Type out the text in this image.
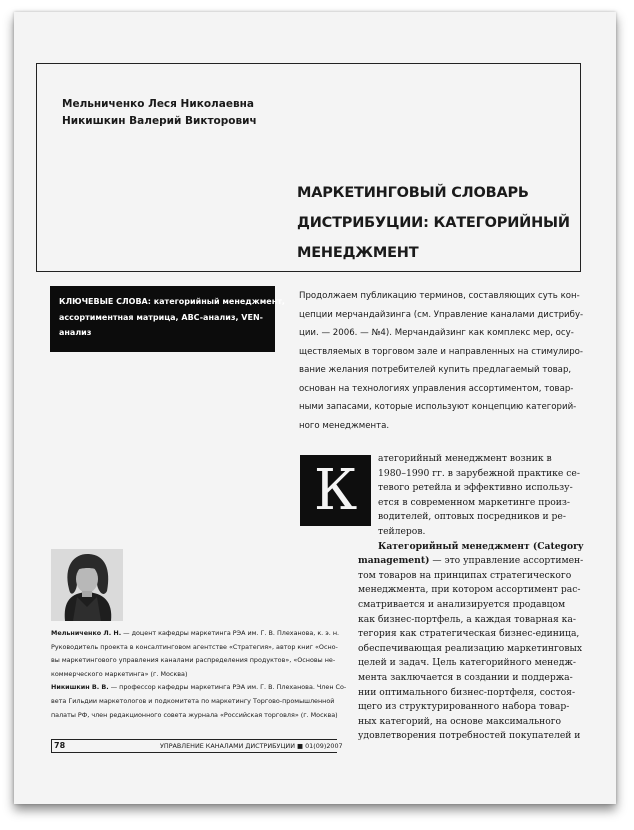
Мельниченко Леся Николаевна
Никишкин Валерий Викторович
МАРКЕТИНГОВЫЙ СЛОВАРЬ
ДИСТРИБУЦИИ: КАТЕГОРИЙНЫЙ
МЕНЕДЖМЕНТ
КЛЮЧЕВЫЕ СЛОВА: категорийный менеджмент,
ассортиментная матрица, ABC-анализ, VEN-
анализ
Продолжаем публикацию терминов, составляющих суть кон-
цепции мерчандайзинга (см. Управление каналами дистрибу-
ции. — 2006. — №4). Мерчандайзинг как комплекс мер, осу-
ществляемых в торговом зале и направленных на стимулиро-
вание желания потребителей купить предлагаемый товар,
основан на технологиях управления ассортиментом, товар-
ными запасами, которые используют концепцию категорий-
ного менеджмента.
К	атегорийный менеджмент возник в
1980–1990 гг. в зарубежной практике се-
тевого ретейла и эффективно использу-
ется в современном маркетинге произ-
водителей, оптовых посредников и ре-
тейлеров.
Категорийный менеджмент (Category
management) — это управление ассортимен-
том товаров на принципах стратегического
менеджмента, при котором ассортимент рас-
сматривается и анализируется продавцом
как бизнес-портфель, а каждая товарная ка-
тегория как стратегическая бизнес-единица,
обеспечивающая реализацию маркетинговых
целей и задач. Цель категорийного менедж-
мента заключается в создании и поддержа-
нии оптимального бизнес-портфеля, состоя-
щего из структурированного набора товар-
ных категорий, на основе максимального
удовлетворения потребностей покупателей и
Мельниченко Л. Н. — доцент кафедры маркетинга РЭА им. Г. В. Плеханова, к. э. н.
Руководитель проекта в консалтинговом агентстве «Стратегия», автор книг «Осно-
вы маркетингового управления каналами распределения продуктов», «Основы не-
коммерческого маркетинга» (г. Москва)
Никишкин В. В. — профессор кафедры маркетинга РЭА им. Г. В. Плеханова. Член Со-
вета Гильдии маркетологов и подкомитета по маркетингу Торгово-промышленной
палаты РФ, член редакционного совета журнала «Российская торговля» (г. Москва)
78	УПРАВЛЕНИЕ КАНАЛАМИ ДИСТРИБУЦИИ ■ 01(09)2007
